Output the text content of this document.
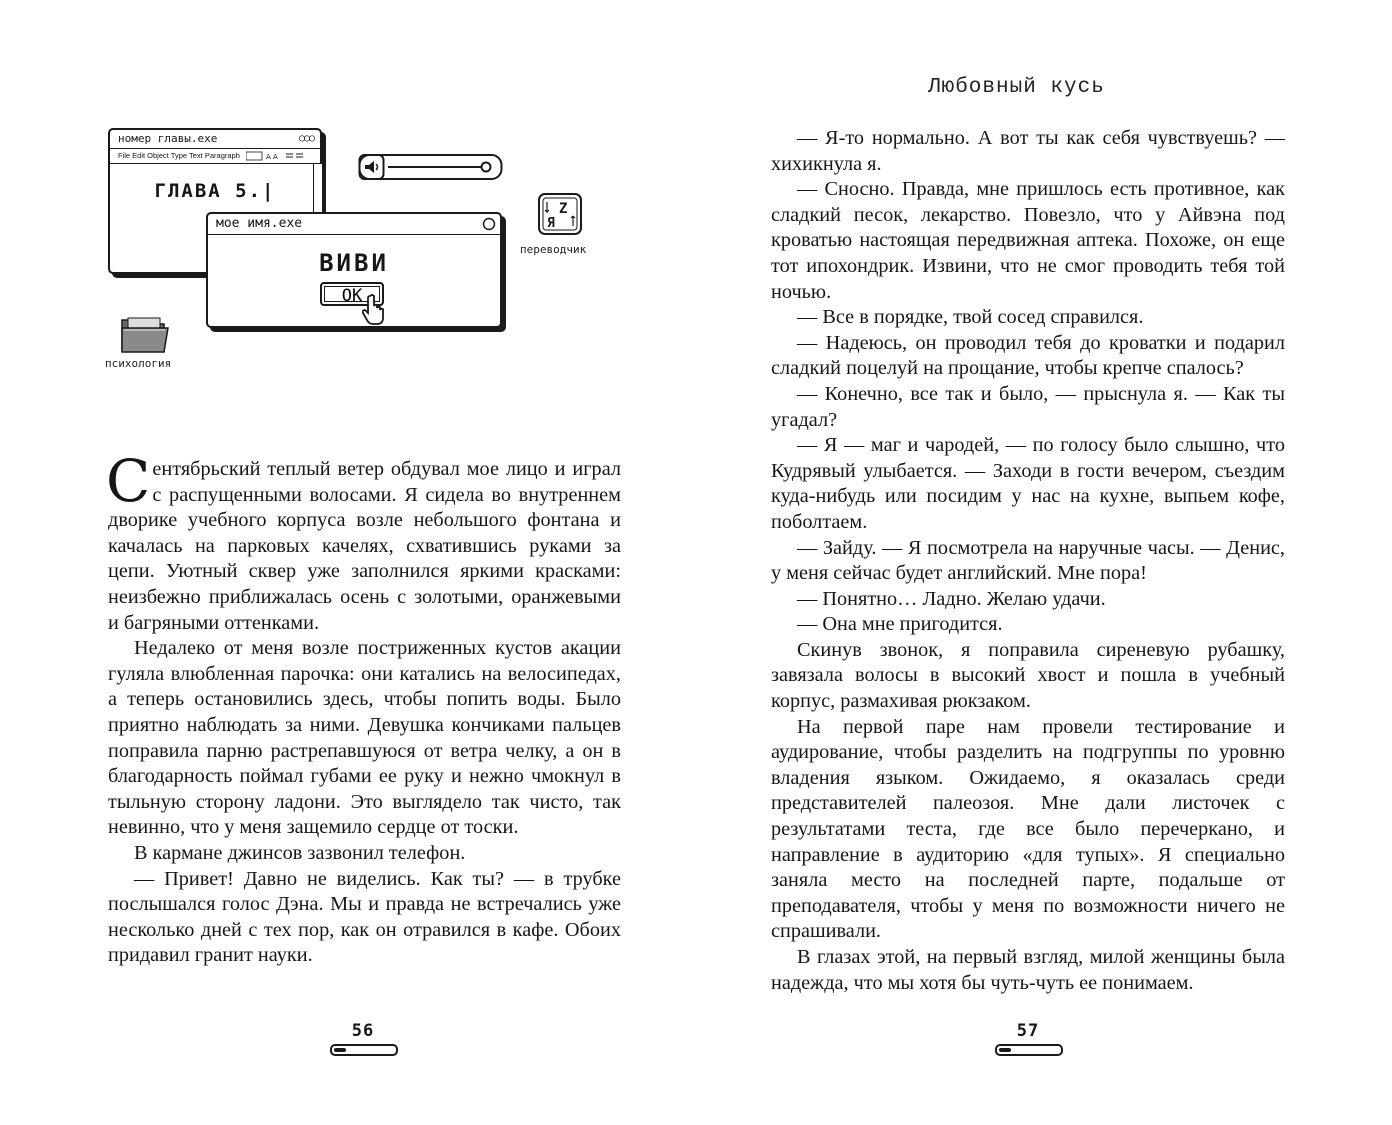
номер главы.exe	○○○
File Edit Object Type Text Paragraph	A A
ГЛАВА 5.|
Z
Я
переводчик
мое имя.exe
ВИВИ
OK
психология

Сентябрьский теплый ветер обдувал мое лицо и играл с распущенными волосами. Я сидела во внутреннем дворике учебного корпуса возле небольшого фонтана и качалась на парковых качелях, схватившись руками за цепи. Уютный сквер уже заполнился яркими красками: неизбежно приближалась осень с золотыми, оранжевыми и багряными оттенками.

Недалеко от меня возле постриженных кустов акации гуляла влюбленная парочка: они катались на велосипедах, а теперь остановились здесь, чтобы попить воды. Было приятно наблюдать за ними. Девушка кончиками пальцев поправила парню растрепавшуюся от ветра челку, а он в благодарность поймал губами ее руку и нежно чмокнул в тыльную сторону ладони. Это выглядело так чисто, так невинно, что у меня защемило сердце от тоски.

В кармане джинсов зазвонил телефон.

— Привет! Давно не виделись. Как ты? — в трубке послышался голос Дэна. Мы и правда не встречались уже несколько дней с тех пор, как он отравился в кафе. Обоих придавил гранит науки.

56
Любовный кусь

— Я-то нормально. А вот ты как себя чувствуешь? — хихикнула я.

— Сносно. Правда, мне пришлось есть противное, как сладкий песок, лекарство. Повезло, что у Айвэна под кроватью настоящая передвижная аптека. Похоже, он еще тот ипохондрик. Извини, что не смог проводить тебя той ночью.

— Все в порядке, твой сосед справился.

— Надеюсь, он проводил тебя до кроватки и подарил сладкий поцелуй на прощание, чтобы крепче спалось?

— Конечно, все так и было, — прыснула я. — Как ты угадал?

— Я — маг и чародей, — по голосу было слышно, что Кудрявый улыбается. — Заходи в гости вечером, съездим куда-нибудь или посидим у нас на кухне, выпьем кофе, поболтаем.

— Зайду. — Я посмотрела на наручные часы. — Денис, у меня сейчас будет английский. Мне пора!

— Понятно… Ладно. Желаю удачи.

— Она мне пригодится.

Скинув звонок, я поправила сиреневую рубашку, завязала волосы в высокий хвост и пошла в учебный корпус, размахивая рюкзаком.

На первой паре нам провели тестирование и аудирование, чтобы разделить на подгруппы по уровню владения языком. Ожидаемо, я оказалась среди представителей палеозоя. Мне дали листочек с результатами теста, где все было перечеркано, и направление в аудиторию «для тупых». Я специально заняла место на последней парте, подальше от преподавателя, чтобы у меня по возможности ничего не спрашивали.

В глазах этой, на первый взгляд, милой женщины была надежда, что мы хотя бы чуть-чуть ее понимаем.

57
